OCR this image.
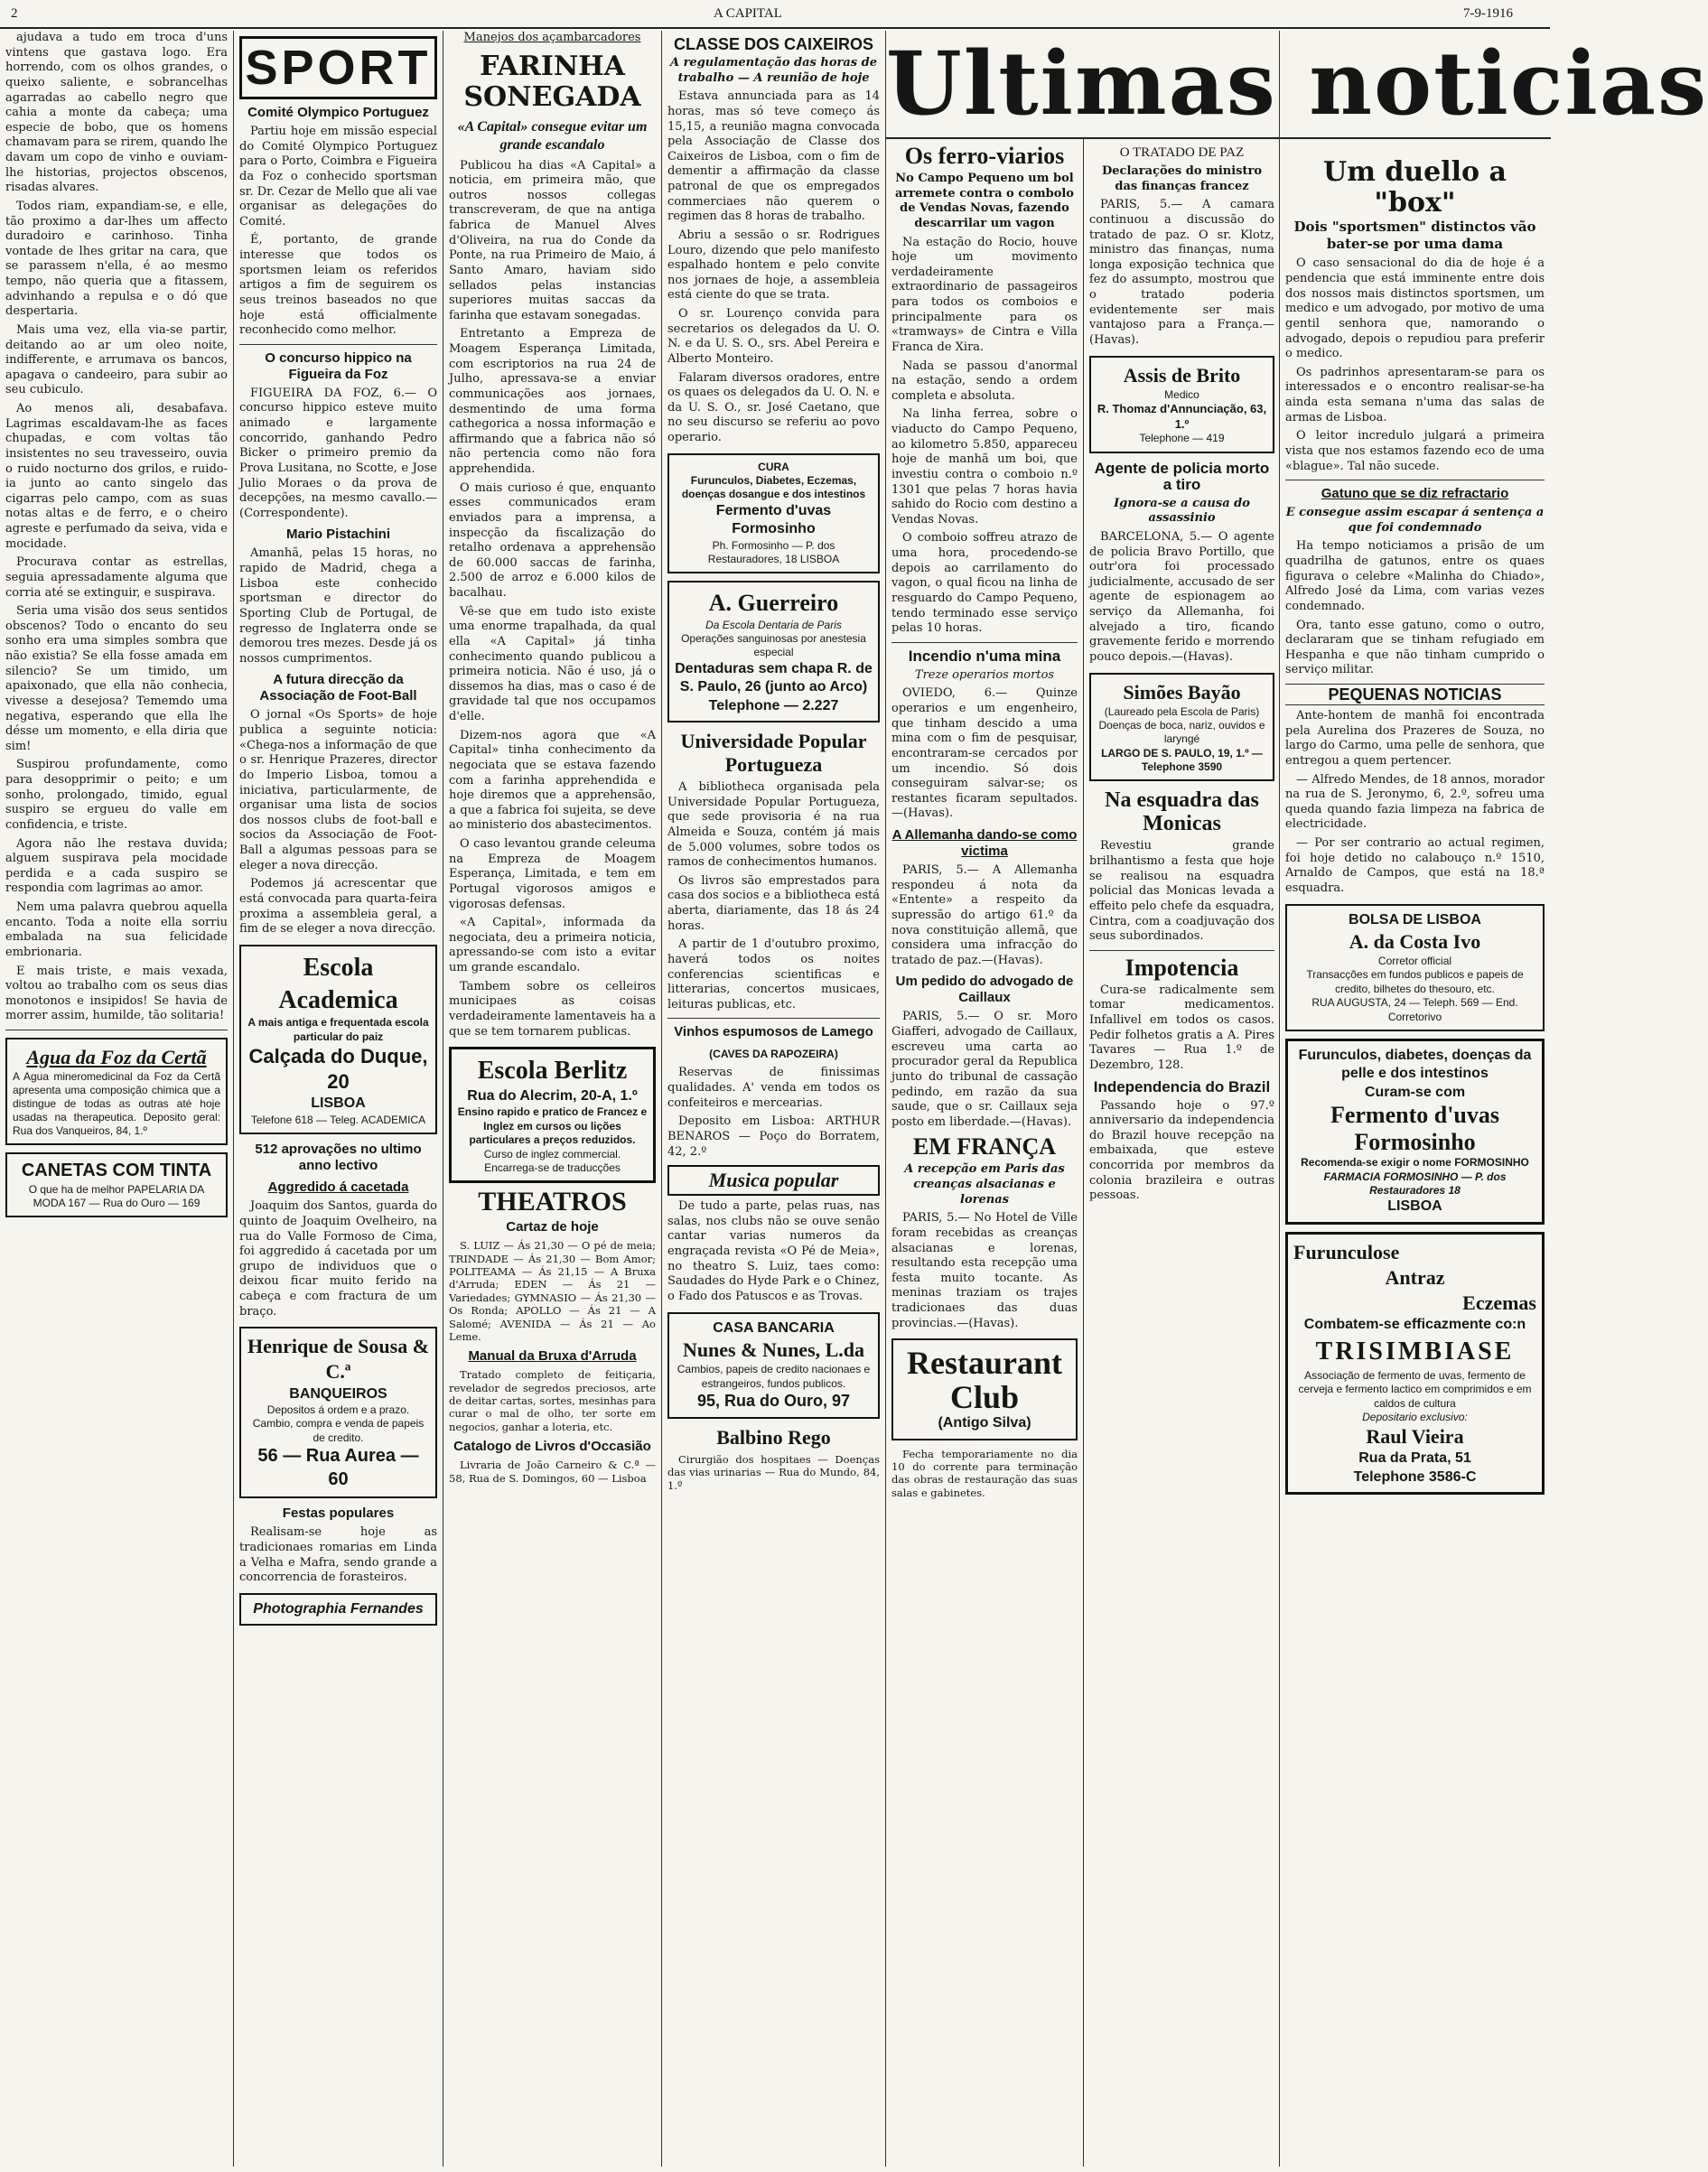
2	A CAPITAL	7-9-1916

ajudava a tudo em troca d'uns vintens que gastava logo. Era horrendo, com os olhos grandes, o queixo saliente, e sobrancelhas agarradas ao cabello negro que cahia a monte da cabeça; uma especie de bobo, que os homens chamavam para se rirem, quando lhe davam um copo de vinho e ouviam-lhe historias, projectos obscenos, risadas alvares.

Todos riam, expandiam-se, e elle, tão proximo a dar-lhes um affecto duradoiro e carinhoso. Tinha vontade de lhes gritar na cara, que se parassem n'ella, é ao mesmo tempo, não queria que a fitassem, advinhando a repulsa e o dó que despertaria.

Mais uma vez, ella via-se partir, deitando ao ar um oleo noite, indifferente, e arrumava os bancos, apagava o candeeiro, para subir ao seu cubiculo.

Ao menos ali, desabafava. Lagrimas escaldavam-lhe as faces chupadas, e com voltas tão insistentes no seu travesseiro, ouvia o ruido nocturno dos grilos, e ruido-ia junto ao canto singelo das cigarras pelo campo, com as suas notas altas e de ferro, e o cheiro agreste e perfumado da seiva, vida e mocidade.

Procurava contar as estrellas, seguia apressadamente alguma que corria até se extinguir, e suspirava.

Seria uma visão dos seus sentidos obscenos? Todo o encanto do seu sonho era uma simples sombra que não existia? Se ella fosse amada em silencio? Se um timido, um apaixonado, que ella não conhecia, vivesse a desejosa? Tememdo uma negativa, esperando que ella lhe désse um momento, e ella diria que sim!

Suspirou profundamente, como para desopprimir o peito; e um sonho, prolongado, timido, egual suspiro se ergueu do valle em confidencia, e triste.

Agora não lhe restava duvida; alguem suspirava pela mocidade perdida e a cada suspiro se respondia com lagrimas ao amor.

Nem uma palavra quebrou aquella encanto. Toda a noite ella sorriu embalada na sua felicidade embrionaria.

E mais triste, e mais vexada, voltou ao trabalho com os seus dias monotonos e insipidos! Se havia de morrer assim, humilde, tão solitaria!

Agua da Foz da Certã
A Agua mineromedicinal da Foz da Certã apresenta uma composição chimica que a distingue de todas as outras até hoje usadas na therapeutica. Deposito geral: Rua dos Vanqueiros, 84, 1.º
CANETAS COM TINTA
O que ha de melhor PAPELARIA DA MODA 167 — Rua do Ouro — 169
SPORT
Comité Olympico Portuguez

Partiu hoje em missão especial do Comité Olympico Portuguez para o Porto, Coimbra e Figueira da Foz o conhecido sportsman sr. Dr. Cezar de Mello que ali vae organisar as delegações do Comité.

É, portanto, de grande interesse que todos os sportsmen leiam os referidos artigos a fim de seguirem os seus treinos baseados no que hoje está officialmente reconhecido como melhor.

O concurso hippico na Figueira da Foz

FIGUEIRA DA FOZ, 6.— O concurso hippico esteve muito animado e largamente concorrido, ganhando Pedro Bicker o primeiro premio da Prova Lusitana, no Scotte, e Jose Julio Moraes o da prova de decepções, na mesmo cavallo.—(Correspondente).

Mario Pistachini

Amanhã, pelas 15 horas, no rapido de Madrid, chega a Lisboa este conhecido sportsman e director do Sporting Club de Portugal, de regresso de Inglaterra onde se demorou tres mezes. Desde já os nossos cumprimentos.

A futura direcção da Associação de Foot-Ball

O jornal «Os Sports» de hoje publica a seguinte noticia: «Chega-nos a informação de que o sr. Henrique Prazeres, director do Imperio Lisboa, tomou a iniciativa, particularmente, de organisar uma lista de socios dos nossos clubs de foot-ball e socios da Associação de Foot-Ball a algumas pessoas para se eleger a nova direcção.

Podemos já acrescentar que está convocada para quarta-feira proxima a assembleia geral, a fim de se eleger a nova direcção.

Escola Academica
A mais antiga e frequentada escola particular do paiz
Calçada do Duque, 20
LISBOA
Telefone 618 — Teleg. ACADEMICA
512 aprovações no ultimo anno lectivo
Aggredido á cacetada

Joaquim dos Santos, guarda do quinto de Joaquim Ovelheiro, na rua do Valle Formoso de Cima, foi aggredido á cacetada por um grupo de individuos que o deixou ficar muito ferido na cabeça e com fractura de um braço.

Henrique de Sousa & C.ª
BANQUEIROS
Depositos á ordem e a prazo. Cambio, compra e venda de papeis de credito.
56 — Rua Aurea — 60
Festas populares

Realisam-se hoje as tradicionaes romarias em Linda a Velha e Mafra, sendo grande a concorrencia de forasteiros.

Photographia Fernandes
Manejos dos açambarcadores
FARINHA SONEGADA
«A Capital» consegue evitar um grande escandalo

Publicou ha dias «A Capital» a noticia, em primeira mão, que outros nossos collegas transcreveram, de que na antiga fabrica de Manuel Alves d'Oliveira, na rua do Conde da Ponte, na rua Primeiro de Maio, á Santo Amaro, haviam sido sellados pelas instancias superiores muitas saccas da farinha que estavam sonegadas.

Entretanto a Empreza de Moagem Esperança Limitada, com escriptorios na rua 24 de Julho, apressava-se a enviar communicações aos jornaes, desmentindo de uma forma cathegorica a nossa informação e affirmando que a fabrica não só não pertencia como não fora apprehendida.

O mais curioso é que, enquanto esses communicados eram enviados para a imprensa, a inspecção da fiscalização do retalho ordenava a apprehensão de 60.000 saccas de farinha, 2.500 de arroz e 6.000 kilos de bacalhau.

Vê-se que em tudo isto existe uma enorme trapalhada, da qual ella «A Capital» já tinha conhecimento quando publicou a primeira noticia. Não é uso, já o dissemos ha dias, mas o caso é de gravidade tal que nos occupamos d'elle.

Dizem-nos agora que «A Capital» tinha conhecimento da negociata que se estava fazendo com a farinha apprehendida e hoje diremos que a apprehensão, a que a fabrica foi sujeita, se deve ao ministerio dos abastecimentos.

O caso levantou grande celeuma na Empreza de Moagem Esperança, Limitada, e tem em Portugal vigorosos amigos e vigorosas defensas.

«A Capital», informada da negociata, deu a primeira noticia, apressando-se com isto a evitar um grande escandalo.

Tambem sobre os celleiros municipaes as coisas verdadeiramente lamentaveis ha a que se tem tornarem publicas.

Escola Berlitz
Rua do Alecrim, 20-A, 1.º
Ensino rapido e pratico de Francez e Inglez em cursos ou lições particulares a preços reduzidos.
Curso de inglez commercial.
Encarrega-se de traducções
THEATROS
Cartaz de hoje

S. LUIZ — Ás 21,30 — O pé de meia; TRINDADE — Ás 21,30 — Bom Amor; POLITEAMA — Ás 21,15 — A Bruxa d'Arruda; EDEN — Ás 21 — Variedades; GYMNASIO — Ás 21,30 — Os Ronda; APOLLO — Ás 21 — A Salomé; AVENIDA — Ás 21 — Ao Leme.

Manual da Bruxa d'Arruda

Tratado completo de feitiçaria, revelador de segredos preciosos, arte de deitar cartas, sortes, mesinhas para curar o mal de olho, ter sorte em negocios, ganhar a loteria, etc.

Catalogo de Livros d'Occasião

Livraria de João Carneiro & C.ª — 58, Rua de S. Domingos, 60 — Lisboa

CLASSE DOS CAIXEIROS
A regulamentação das horas de trabalho — A reunião de hoje

Estava annunciada para as 14 horas, mas só teve começo ás 15,15, a reunião magna convocada pela Associação de Classe dos Caixeiros de Lisboa, com o fim de dementir a affirmação da classe patronal de que os empregados commerciaes não querem o regimen das 8 horas de trabalho.

Abriu a sessão o sr. Rodrigues Louro, dizendo que pelo manifesto espalhado hontem e pelo convite nos jornaes de hoje, a assembleia está ciente do que se trata.

O sr. Lourenço convida para secretarios os delegados da U. O. N. e da U. S. O., srs. Abel Pereira e Alberto Monteiro.

Falaram diversos oradores, entre os quaes os delegados da U. O. N. e da U. S. O., sr. José Caetano, que no seu discurso se referiu ao povo operario.

CURA
Furunculos, Diabetes, Eczemas, doenças dosangue e dos intestinos
Fermento d'uvas Formosinho
Ph. Formosinho — P. dos Restauradores, 18 LISBOA
A. Guerreiro
Da Escola Dentaria de Paris
Operações sanguinosas por anestesia especial
Dentaduras sem chapa R. de S. Paulo, 26 (junto ao Arco) Telephone — 2.227
Universidade Popular Portugueza

A bibliotheca organisada pela Universidade Popular Portugueza, que sede provisoria é na rua Almeida e Souza, contém já mais de 5.000 volumes, sobre todos os ramos de conhecimentos humanos.

Os livros são emprestados para casa dos socios e a bibliotheca está aberta, diariamente, das 18 ás 24 horas.

A partir de 1 d'outubro proximo, haverá todos os noites conferencias scientificas e litterarias, concertos musicaes, leituras publicas, etc.

Vinhos espumosos de Lamego
(CAVES DA RAPOZEIRA)

Reservas de finissimas qualidades. A' venda em todos os confeiteiros e mercearias.

Deposito em Lisboa: ARTHUR BENAROS — Poço do Borratem, 42, 2.º

Musica popular

De tudo a parte, pelas ruas, nas salas, nos clubs não se ouve senão cantar varias numeros da engraçada revista «O Pé de Meia», no theatro S. Luiz, taes como: Saudades do Hyde Park e o Chinez, o Fado dos Patuscos e as Trovas.

CASA BANCARIA
Nunes & Nunes, L.da
Cambios, papeis de credito nacionaes e estrangeiros, fundos publicos.
95, Rua do Ouro, 97
Balbino Rego

Cirurgião dos hospitaes — Doenças das vias urinarias — Rua do Mundo, 84, 1.º

Ultimas noticias
Os ferro-viarios
No Campo Pequeno um bol arremete contra o combolo de Vendas Novas, fazendo descarrilar um vagon

Na estação do Rocio, houve hoje um movimento verdadeiramente extraordinario de passageiros para todos os comboios e principalmente para os «tramways» de Cintra e Villa Franca de Xira.

Nada se passou d'anormal na estação, sendo a ordem completa e absoluta.

Na linha ferrea, sobre o viaducto do Campo Pequeno, ao kilometro 5.850, appareceu hoje de manhã um boi, que investiu contra o comboio n.º 1301 que pelas 7 horas havia sahido do Rocio com destino a Vendas Novas.

O comboio soffreu atrazo de uma hora, procedendo-se depois ao carrilamento do vagon, o qual ficou na linha de resguardo do Campo Pequeno, tendo terminado esse serviço pelas 10 horas.

Incendio n'uma mina
Treze operarios mortos

OVIEDO, 6.— Quinze operarios e um engenheiro, que tinham descido a uma mina com o fim de pesquisar, encontraram-se cercados por um incendio. Só dois conseguiram salvar-se; os restantes ficaram sepultados.—(Havas).

A Allemanha dando-se como victima

PARIS, 5.— A Allemanha respondeu á nota da «Entente» a respeito da supressão do artigo 61.º da nova constituição allemã, que considera uma infracção do tratado de paz.—(Havas).

Um pedido do advogado de Caillaux

PARIS, 5.— O sr. Moro Giafferi, advogado de Caillaux, escreveu uma carta ao procurador geral da Republica junto do tribunal de cassação pedindo, em razão da sua saude, que o sr. Caillaux seja posto em liberdade.—(Havas).

EM FRANÇA
A recepção em Paris das creanças alsacianas e lorenas

PARIS, 5.— No Hotel de Ville foram recebidas as creanças alsacianas e lorenas, resultando esta recepção uma festa muito tocante. As meninas traziam os trajes tradicionaes das duas provincias.—(Havas).

Restaurant Club
(Antigo Silva)

Fecha temporariamente no dia 10 do corrente para terminação das obras de restauração das suas salas e gabinetes.

O TRATADO DE PAZ
Declarações do ministro das finanças francez

PARIS, 5.— A camara continuou a discussão do tratado de paz. O sr. Klotz, ministro das finanças, numa longa exposição technica que fez do assumpto, mostrou que o tratado poderia evidentemente ser mais vantajoso para a França.—(Havas).

Assis de Brito
Medico
R. Thomaz d'Annunciação, 63, 1.º
Telephone — 419
Agente de policia morto a tiro
Ignora-se a causa do assassinio

BARCELONA, 5.— O agente de policia Bravo Portillo, que outr'ora foi processado judicialmente, accusado de ser agente de espionagem ao serviço da Allemanha, foi alvejado a tiro, ficando gravemente ferido e morrendo pouco depois.—(Havas).

Simões Bayão
(Laureado pela Escola de Paris) Doenças de boca, nariz, ouvidos e laryngé
LARGO DE S. PAULO, 19, 1.º — Telephone 3590
Na esquadra das Monicas

Revestiu grande brilhantismo a festa que hoje se realisou na esquadra policial das Monicas levada a effeito pelo chefe da esquadra, Cintra, com a coadjuvação dos seus subordinados.

Impotencia

Cura-se radicalmente sem tomar medicamentos. Infallivel em todos os casos. Pedir folhetos gratis a A. Pires Tavares — Rua 1.º de Dezembro, 128.

Independencia do Brazil

Passando hoje o 97.º anniversario da independencia do Brazil houve recepção na embaixada, que esteve concorrida por membros da colonia brazileira e outras pessoas.

Um duello a "box"
Dois "sportsmen" distinctos vão bater-se por uma dama

O caso sensacional do dia de hoje é a pendencia que está imminente entre dois dos nossos mais distinctos sportsmen, um medico e um advogado, por motivo de uma gentil senhora que, namorando o advogado, depois o repudiou para preferir o medico.

Os padrinhos apresentaram-se para os interessados e o encontro realisar-se-ha ainda esta semana n'uma das salas de armas de Lisboa.

O leitor incredulo julgará a primeira vista que nos estamos fazendo eco de uma «blague». Tal não sucede.

Gatuno que se diz refractario
E consegue assim escapar á sentença a que foi condemnado

Ha tempo noticiamos a prisão de um quadrilha de gatunos, entre os quaes figurava o celebre «Malinha do Chiado», Alfredo José da Lima, com varias vezes condemnado.

Ora, tanto esse gatuno, como o outro, declararam que se tinham refugiado em Hespanha e que não tinham cumprido o serviço militar.

PEQUENAS NOTICIAS

Ante-hontem de manhã foi encontrada pela Aurelina dos Prazeres de Souza, no largo do Carmo, uma pelle de senhora, que entregou a quem pertencer.

— Alfredo Mendes, de 18 annos, morador na rua de S. Jeronymo, 6, 2.º, sofreu uma queda quando fazia limpeza na fabrica de electricidade.

— Por ser contrario ao actual regimen, foi hoje detido no calabouço n.º 1510, Arnaldo de Campos, que está na 18.ª esquadra.

BOLSA DE LISBOA
A. da Costa Ivo
Corretor official
Transacções em fundos publicos e papeis de credito, bilhetes do thesouro, etc.
RUA AUGUSTA, 24 — Teleph. 569 — End. Corretorivo
Furunculos, diabetes, doenças da pelle e dos intestinos
Curam-se com
Fermento d'uvas Formosinho
Recomenda-se exigir o nome FORMOSINHO
FARMACIA FORMOSINHO — P. dos Restauradores 18
LISBOA
Furunculose
Antraz
Eczemas
Combatem-se efficazmente co:n
TRISIMBIASE
Associação de fermento de uvas, fermento de cerveja e fermento lactico em comprimidos e em caldos de cultura
Depositario exclusivo:
Raul Vieira
Rua da Prata, 51
Telephone 3586-C
